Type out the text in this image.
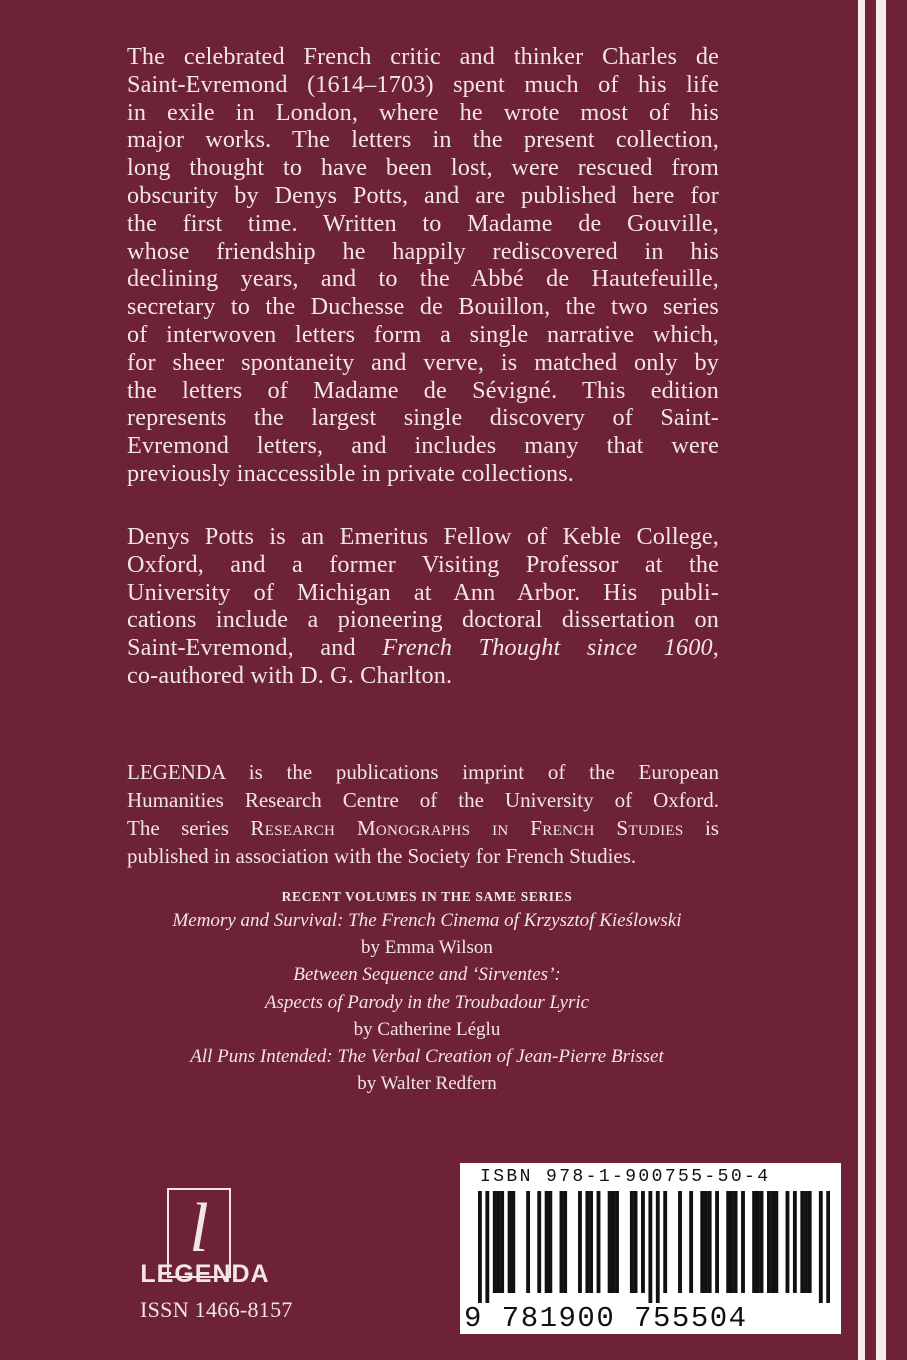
The celebrated French critic and thinker Charles de
Saint-Evremond (1614–1703) spent much of his life
in exile in London, where he wrote most of his
major works. The letters in the present collection,
long thought to have been lost, were rescued from
obscurity by Denys Potts, and are published here for
the first time. Written to Madame de Gouville,
whose friendship he happily rediscovered in his
declining years, and to the Abbé de Hautefeuille,
secretary to the Duchesse de Bouillon, the two series
of interwoven letters form a single narrative which,
for sheer spontaneity and verve, is matched only by
the letters of Madame de Sévigné. This edition
represents the largest single discovery of Saint-
Evremond letters, and includes many that were
previously inaccessible in private collections.
Denys Potts is an Emeritus Fellow of Keble College,
Oxford, and a former Visiting Professor at the
University of Michigan at Ann Arbor. His publi-
cations include a pioneering doctoral dissertation on
Saint-Evremond, and French Thought since 1600,
co-authored with D. G. Charlton.
LEGENDA is the publications imprint of the European
Humanities Research Centre of the University of Oxford.
The series Research Monographs in French Studies is
published in association with the Society for French Studies.
RECENT VOLUMES IN THE SAME SERIES
Memory and Survival: The French Cinema of Krzysztof Kieślowski
by Emma Wilson
Between Sequence and ‘Sirventes’:
Aspects of Parody in the Troubadour Lyric
by Catherine Léglu
All Puns Intended: The Verbal Creation of Jean-Pierre Brisset
by Walter Redfern
l
LEGENDA
ISSN 1466-8157
ISBN 978-1-900755-50-4
9 781900 755504
